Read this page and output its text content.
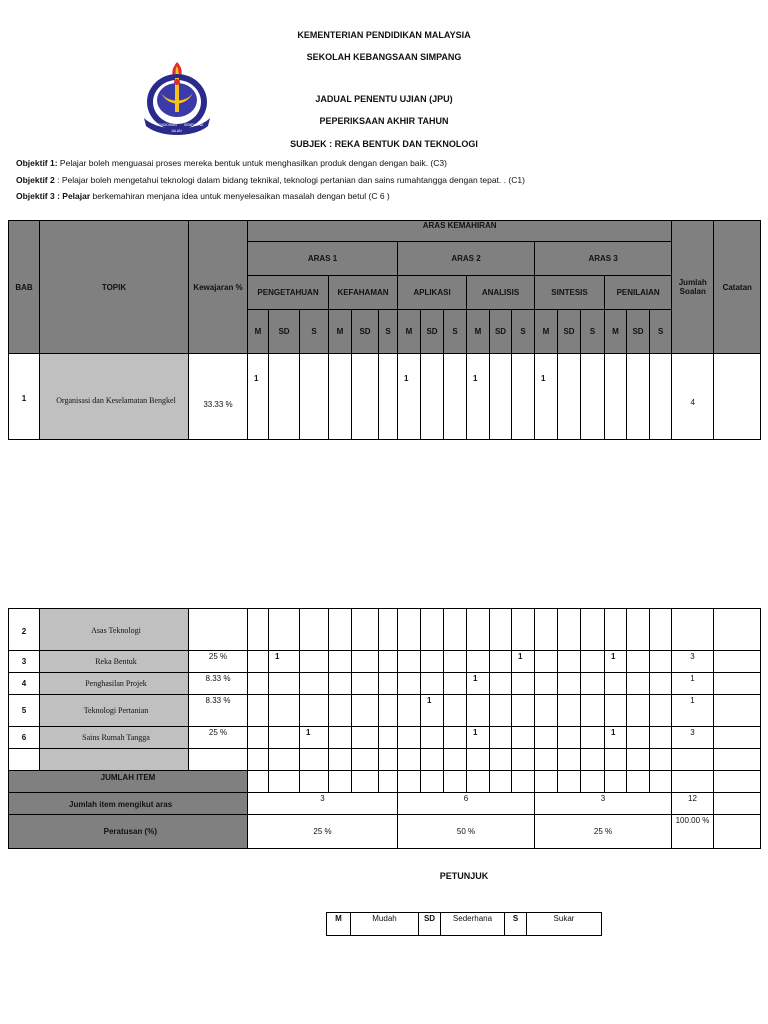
KEMENTERIAN PENDIDIKAN MALAYSIA
SEKOLAH KEBANGSAAN SIMPANG
JADUAL PENENTU UJIAN (JPU)
PEPERIKSAAN AKHIR TAHUN
SUBJEK : REKA BENTUK DAN TEKNOLOGI
PENDIDIKAN
JALAN
SEMPURNA
Objektif 1: Pelajar boleh menguasai proses mereka bentuk untuk menghasilkan produk dengan dengan baik. (C3)
Objektif 2 : Pelajar boleh mengetahui teknologi dalam bidang teknikal, teknologi pertanian dan sains rumahtangga dengan tepat. . (C1)
Objektif 3 : Pelajar berkemahiran menjana idea untuk menyelesaikan masalah dengan betul (C 6 )
BAB	TOPIK	Kewajaran %	ARAS KEMAHIRAN																		Jumlah Soalan	Catatan
			ARAS 1						ARAS 2						ARAS 3							
			PENGETAHUAN			KEFAHAMAN			APLIKASI			ANALISIS			SINTESIS			PENILAIAN				
			M	SD	S	M	SD	S	M	SD	S	M	SD	S	M	SD	S	M	SD	S		
1	Organisasi dan Keselamatan Bengkel	33.33 %	1						1			1			1						4	
2	Asas Teknologi																					
3	Reka Bentuk	25 %		1										1				1			3	
4	Penghasilan Projek	8.33 %										1									1	
5	Teknologi Pertanian	8.33 %								1											1	
6	Sains Rumah Tangga	25 %			1							1						1			3	

JUMLAH ITEM																						
Jumlah item mengikut aras			3						6						3						12	
Peratusan (%)			25 %						50 %						25 %						100.00 %	
PETUNJUK
M	Mudah	SD	Sederhana	S	Sukar
